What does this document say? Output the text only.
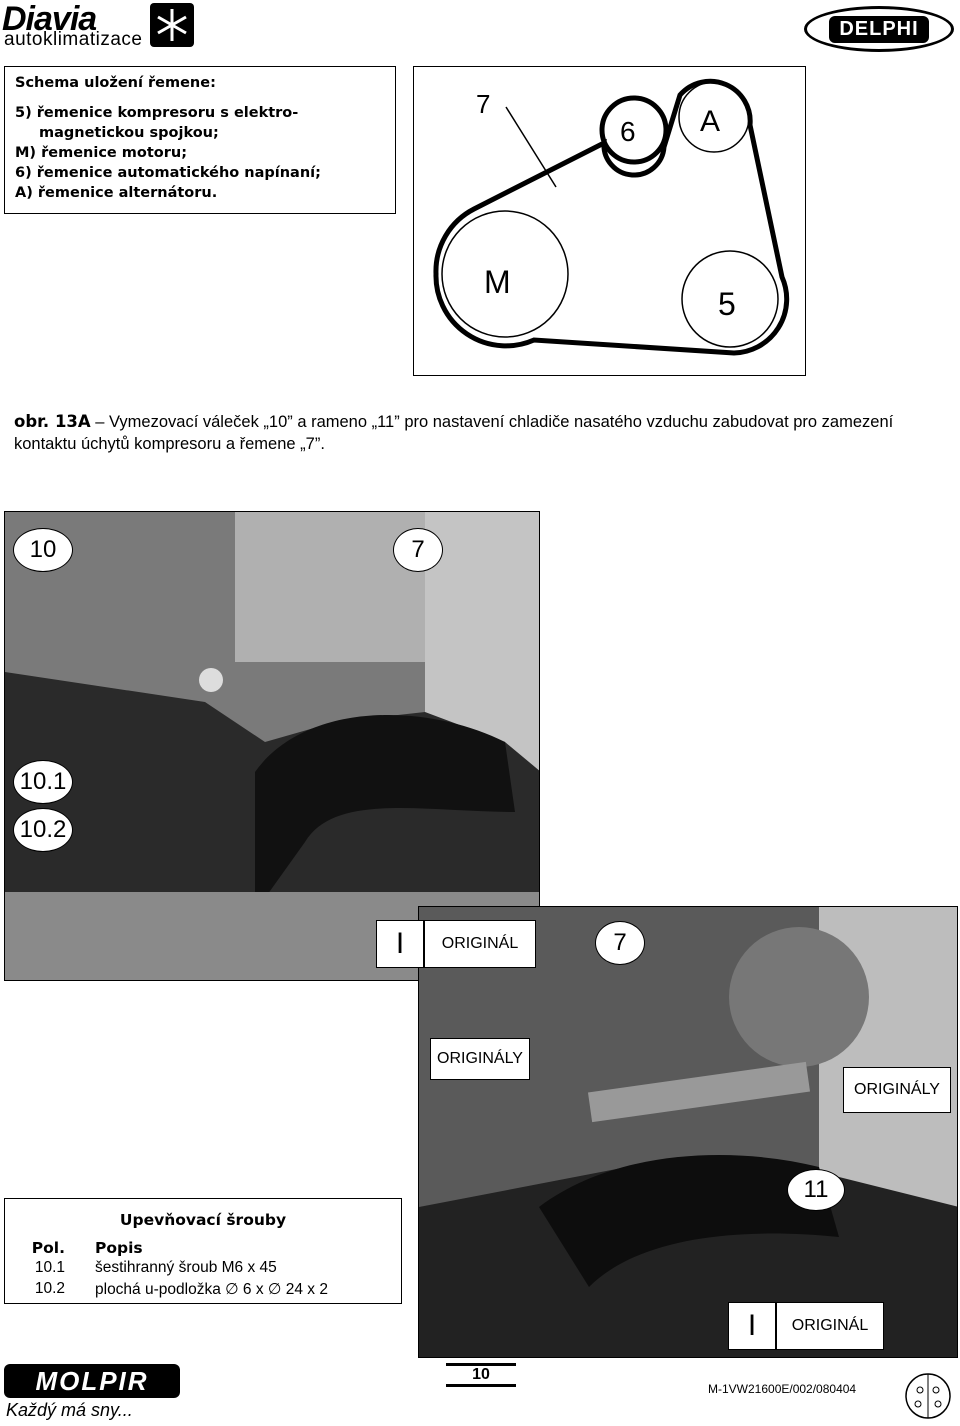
Diavia
autoklimatizace	DELPHI
Schema uložení řemene:
5) řemenice kompresoru s elektro-
magnetickou spojkou;
M) řemenice motoru;
6) řemenice automatického napínaní;
A) řemenice alternátoru.
7
6 A
M
5
obr. 13A – Vymezovací váleček „10” a rameno „11” pro nastavení chladiče nasatého vzduchu zabudovat pro zamezení kontaktu úchytů kompresoru a řemene „7”.
10	7
10.1
10.2
11
7
ORIGINÁLY
I	ORIGINÁL
ORIGINÁLY
I	ORIGINÁL
Upevňovací šrouby
Pol.	Popis
10.1	šestihranný šroub M6 x 45
10.2	plochá u-podložka ∅ 6 x ∅ 24 x 2
MOLPIR
Každý má sny...
10
M-1VW21600E/002/080404
